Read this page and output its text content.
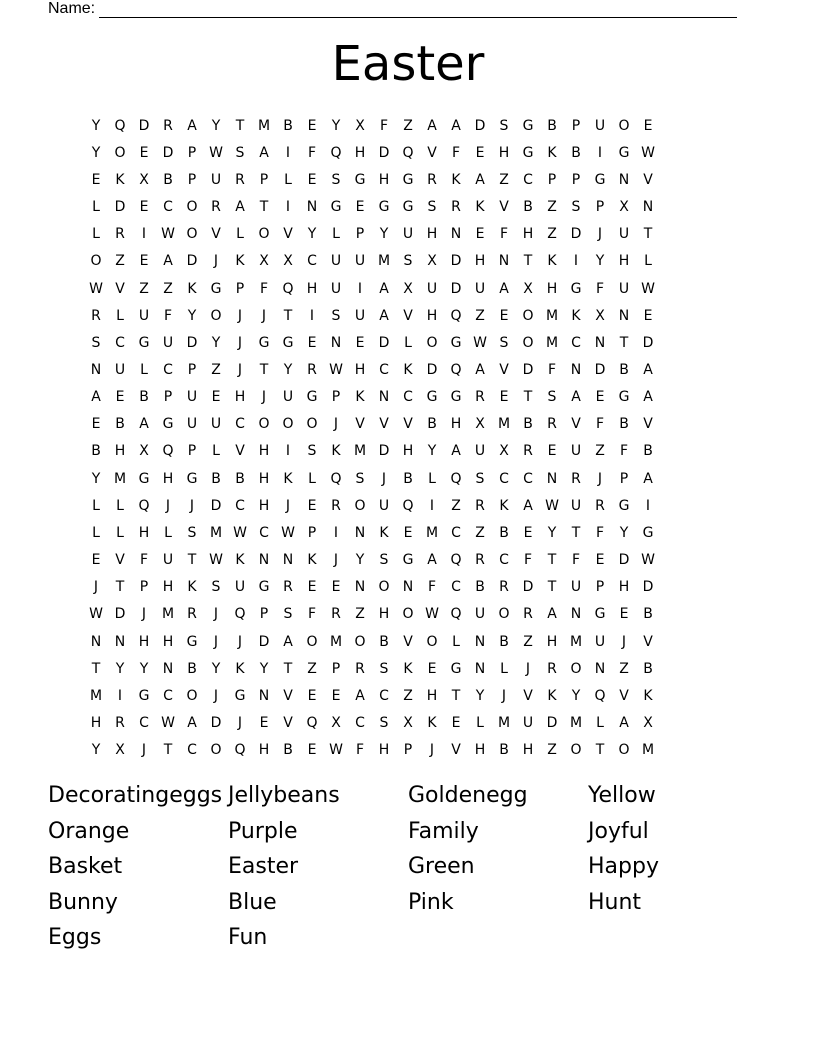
Name:
Easter
Y	Q D R	A	Y	T M B	E	Y	X	F	Z	A	A D	S	G B	P	U O	E
Y	O	E	D	P W S	A	I	F	Q H D Q V	F	E	H G K	B	I	G W
E	K	X	B	P	U	R	P	L	E	S	G H G R	K	A	Z	C	P	P	G N V
L	D	E	C O R	A	T	I	N G	E	G G	S	R	K	V	B	Z	S	P	X N
L	R	I	W O V	L	O V	Y	L	P	Y	U H N	E	F	H Z D	J	U	T
O Z	E	A D	J	K	X	X	C U U M S	X D H N	T	K	I	Y	H	L
W V	Z	Z	K G	P	F	Q H U	I	A	X	U D U	A	X H G	F	U W
R	L	U	F	Y	O	J	J	T	I	S	U	A	V H Q Z	E	O M K	X N	E
S	C G U D	Y	J	G G	E	N	E	D	L	O G W S	O M C N	T	D
N U	L	C	P	Z	J	T	Y	R W H C	K	D Q A	V D	F	N D B	A
A	E	B	P	U	E	H	J	U G	P	K	N C G G R	E	T	S	A	E	G A
E	B	A G U U C O O O	J	V	V	V	B H X M B	R	V	F	B	V
B H X Q	P	L	V H	I	S	K M D H	Y	A	U	X	R	E	U	Z	F	B
Y M G H G B	B H	K	L	Q	S	J	B	L	Q	S	C	C N R	J	P	A
L	L	Q	J	J	D C H	J	E	R O U Q	I	Z	R	K	A W U	R G	I
L	L	H	L	S M W C W P	I	N	K	E M C	Z	B	E	Y	T	F	Y	G
E	V	F	U	T W K	N N	K	J	Y	S	G A Q R	C	F	T	F	E	D W
J	T	P	H	K	S	U G R	E	E	N O N	F	C	B	R D	T	U	P	H D
W D	J	M R	J	Q	P	S	F	R	Z H O W Q U O R	A N G	E	B
N N H H G	J	J	D A O M O B	V O	L	N B	Z H M U	J	V
T	Y	Y	N B	Y	K	Y	T	Z	P	R	S	K	E	G N	L	J	R O N Z	B
M	I	G C O	J	G N V	E	E	A	C	Z H	T	Y	J	V	K	Y	Q V	K
H R	C W A D	J	E	V Q X	C	S	X	K	E	L	M U D M	L	A	X
Y	X	J	T	C O Q H B	E W F	H	P	J	V H B H Z O	T	O M
Decoratingeggs Jellybeans	Goldenegg	Yellow
Orange	Purple	Family	Joyful
Basket	Easter	Green	Happy
Bunny	Blue	Pink	Hunt
Eggs	Fun
